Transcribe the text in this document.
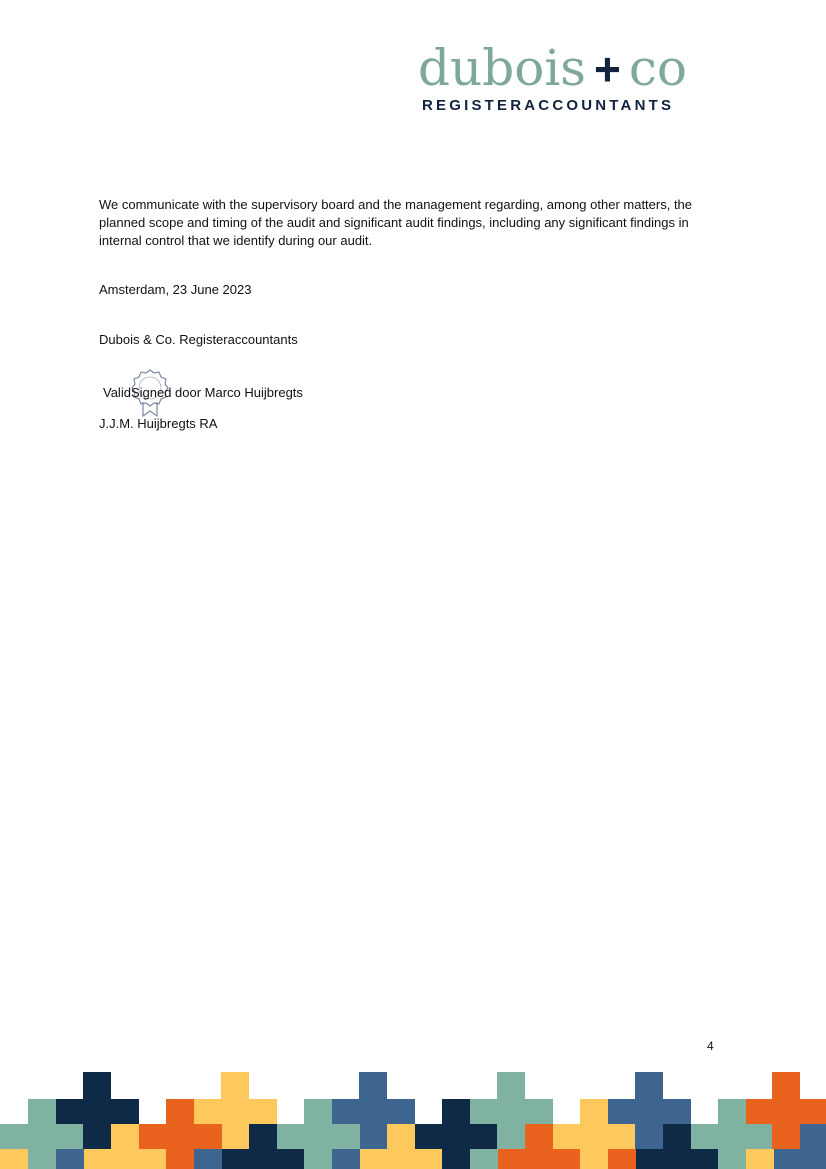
dubois + co
REGISTERACCOUNTANTS
We communicate with the supervisory board and the management regarding, among other matters, the planned scope and timing of the audit and significant audit findings, including any significant findings in internal control that we identify during our audit.
Amsterdam, 23 June 2023
Dubois & Co. Registeraccountants
ValidSigned door Marco Huijbregts
J.J.M. Huijbregts RA
4
